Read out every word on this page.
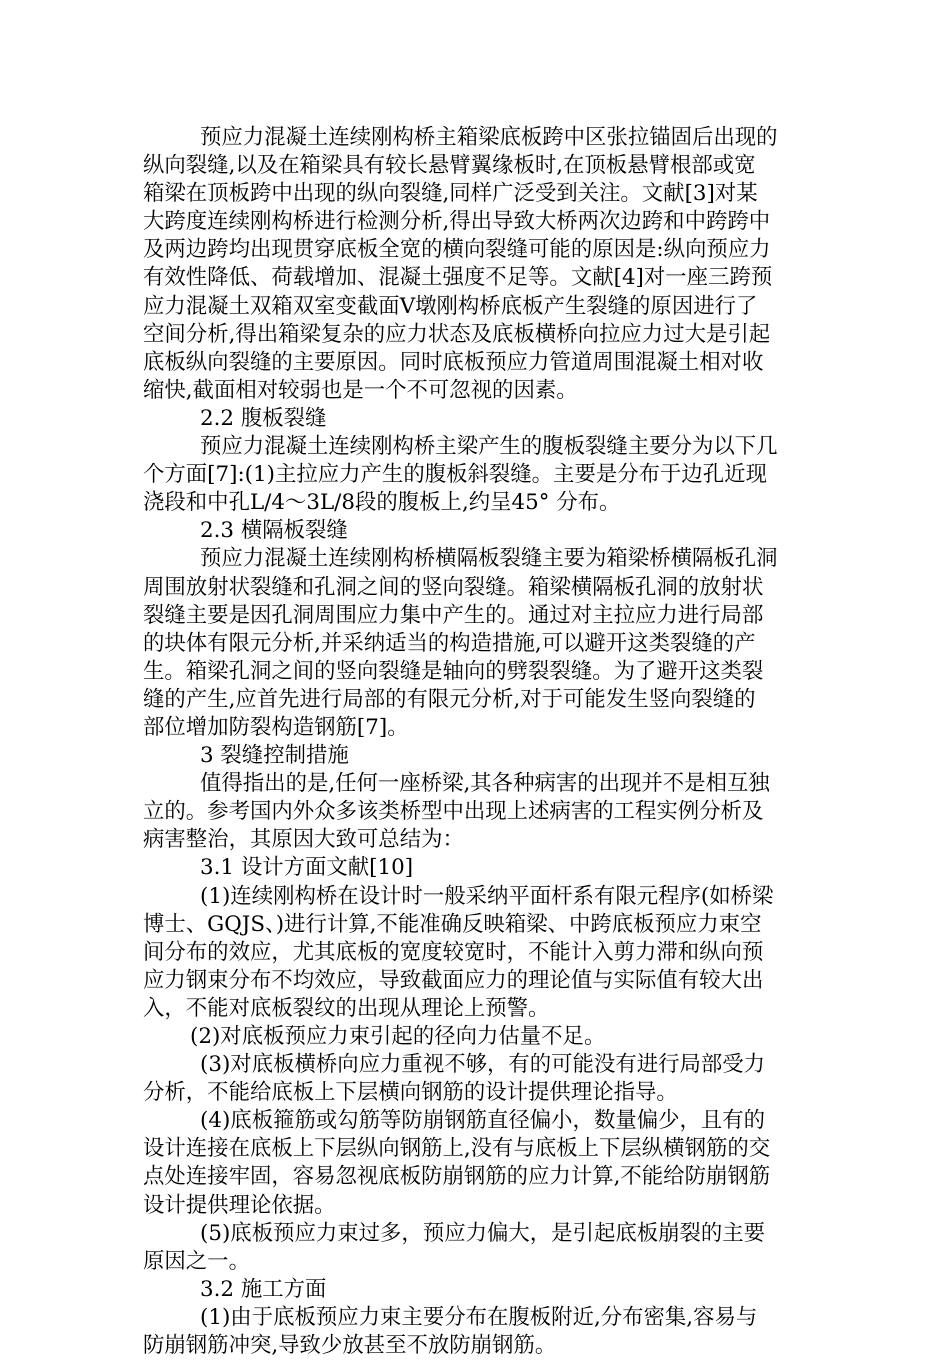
预应力混凝土连续刚构桥主箱梁底板跨中区张拉锚固后出现的
纵向裂缝,以及在箱梁具有较长悬臂翼缘板时,在顶板悬臂根部或宽
箱梁在顶板跨中出现的纵向裂缝,同样广泛受到关注。文献[3]对某
大跨度连续刚构桥进行检测分析,得出导致大桥两次边跨和中跨跨中
及两边跨均出现贯穿底板全宽的横向裂缝可能的原因是:纵向预应力
有效性降低、荷载增加、混凝土强度不足等。文献[4]对一座三跨预
应力混凝土双箱双室变截面Ⅴ墩刚构桥底板产生裂缝的原因进行了
空间分析,得出箱梁复杂的应力状态及底板横桥向拉应力过大是引起
底板纵向裂缝的主要原因。同时底板预应力管道周围混凝土相对收
缩快,截面相对较弱也是一个不可忽视的因素。
2.2 腹板裂缝
预应力混凝土连续刚构桥主梁产生的腹板裂缝主要分为以下几
个方面[7]:(1)主拉应力产生的腹板斜裂缝。主要是分布于边孔近现
浇段和中孔L/4～3L/8段的腹板上,约呈45° 分布。
2.3 横隔板裂缝
预应力混凝土连续刚构桥横隔板裂缝主要为箱梁桥横隔板孔洞
周围放射状裂缝和孔洞之间的竖向裂缝。箱梁横隔板孔洞的放射状
裂缝主要是因孔洞周围应力集中产生的。通过对主拉应力进行局部
的块体有限元分析,并采纳适当的构造措施,可以避开这类裂缝的产
生。箱梁孔洞之间的竖向裂缝是轴向的劈裂裂缝。为了避开这类裂
缝的产生,应首先进行局部的有限元分析,对于可能发生竖向裂缝的
部位增加防裂构造钢筋[7]。
3 裂缝控制措施
值得指出的是,任何一座桥梁,其各种病害的出现并不是相互独
立的。参考国内外众多该类桥型中出现上述病害的工程实例分析及
病害整治，其原因大致可总结为：
3.1 设计方面文献[10]
(1)连续刚构桥在设计时一般采纳平面杆系有限元程序(如桥梁
博士、GQJS、)进行计算,不能准确反映箱梁、中跨底板预应力束空
间分布的效应，尤其底板的宽度较宽时，不能计入剪力滞和纵向预
应力钢束分布不均效应，导致截面应力的理论值与实际值有较大出
入，不能对底板裂纹的出现从理论上预警。
(2)对底板预应力束引起的径向力估量不足。
(3)对底板横桥向应力重视不够，有的可能没有进行局部受力
分析，不能给底板上下层横向钢筋的设计提供理论指导。
(4)底板箍筋或勾筋等防崩钢筋直径偏小，数量偏少，且有的
设计连接在底板上下层纵向钢筋上,没有与底板上下层纵横钢筋的交
点处连接牢固，容易忽视底板防崩钢筋的应力计算,不能给防崩钢筋
设计提供理论依据。
(5)底板预应力束过多，预应力偏大，是引起底板崩裂的主要
原因之一。
3.2 施工方面
(1)由于底板预应力束主要分布在腹板附近,分布密集,容易与
防崩钢筋冲突,导致少放甚至不放防崩钢筋。
